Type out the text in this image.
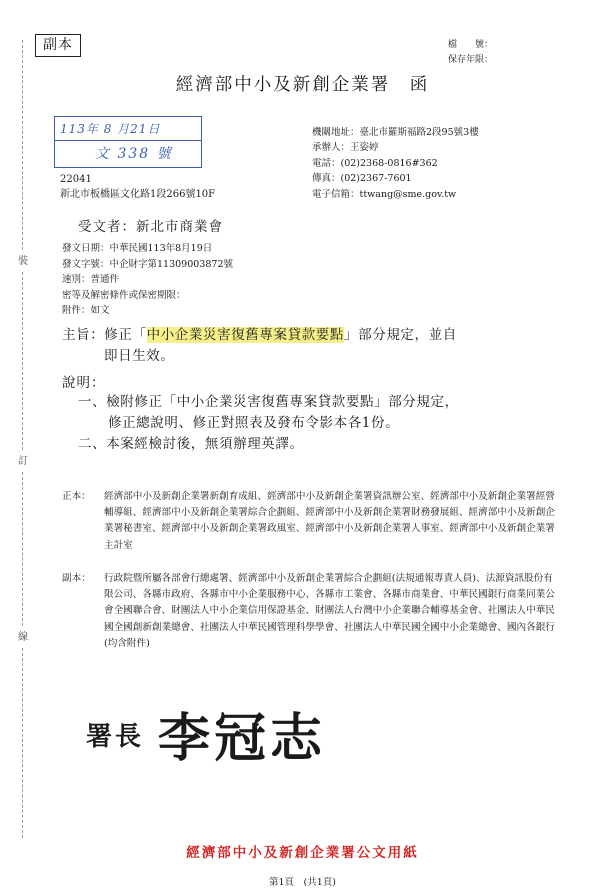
副本	檔　　號：
保存年限：
經濟部中小及新創企業署　函
113年 8 月21日
文 338 號
22041
新北市板橋區文化路1段266號10F
機關地址：臺北市羅斯福路2段95號3樓
承辦人：王姿婷
電話：(02)2368-0816#362
傳真：(02)2367-7601
電子信箱：ttwang@sme.gov.tw
受文者：新北市商業會
發文日期：中華民國113年8月19日
發文字號：中企財字第11309003872號
速別：普通件
密等及解密條件或保密期限：
附件：如文
主旨：修正「中小企業災害復舊專案貸款要點」部分規定，並自
即日生效。
說明：
一、檢附修正「中小企業災害復舊專案貸款要點」部分規定，
修正總說明、修正對照表及發布令影本各1份。
二、本案經檢討後，無須辦理英譯。
正本： 經濟部中小及新創企業署新創育成組、經濟部中小及新創企業署資訊辦公室、經濟部中小及新創企業署經營輔導組、經濟部中小及新創企業署綜合企劃組、經濟部中小及新創企業署財務發展組、經濟部中小及新創企業署秘書室、經濟部中小及新創企業署政風室、經濟部中小及新創企業署人事室、經濟部中小及新創企業署主計室
副本： 行政院暨所屬各部會行總處署、經濟部中小及新創企業署綜合企劃組(法規通報專責人員)、法源資訊股份有限公司、各縣市政府、各縣市中小企業服務中心、各縣市工業會、各縣市商業會、中華民國銀行商業同業公會全國聯合會、財團法人中小企業信用保證基金、財團法人台灣中小企業聯合輔導基金會、社團法人中華民國全國創新創業總會、社團法人中華民國管理科學學會、社團法人中華民國全國中小企業總會、國內各銀行(均含附件)
裝
訂
線
署長 李冠志
經濟部中小及新創企業署公文用紙
第1頁　(共1頁)
